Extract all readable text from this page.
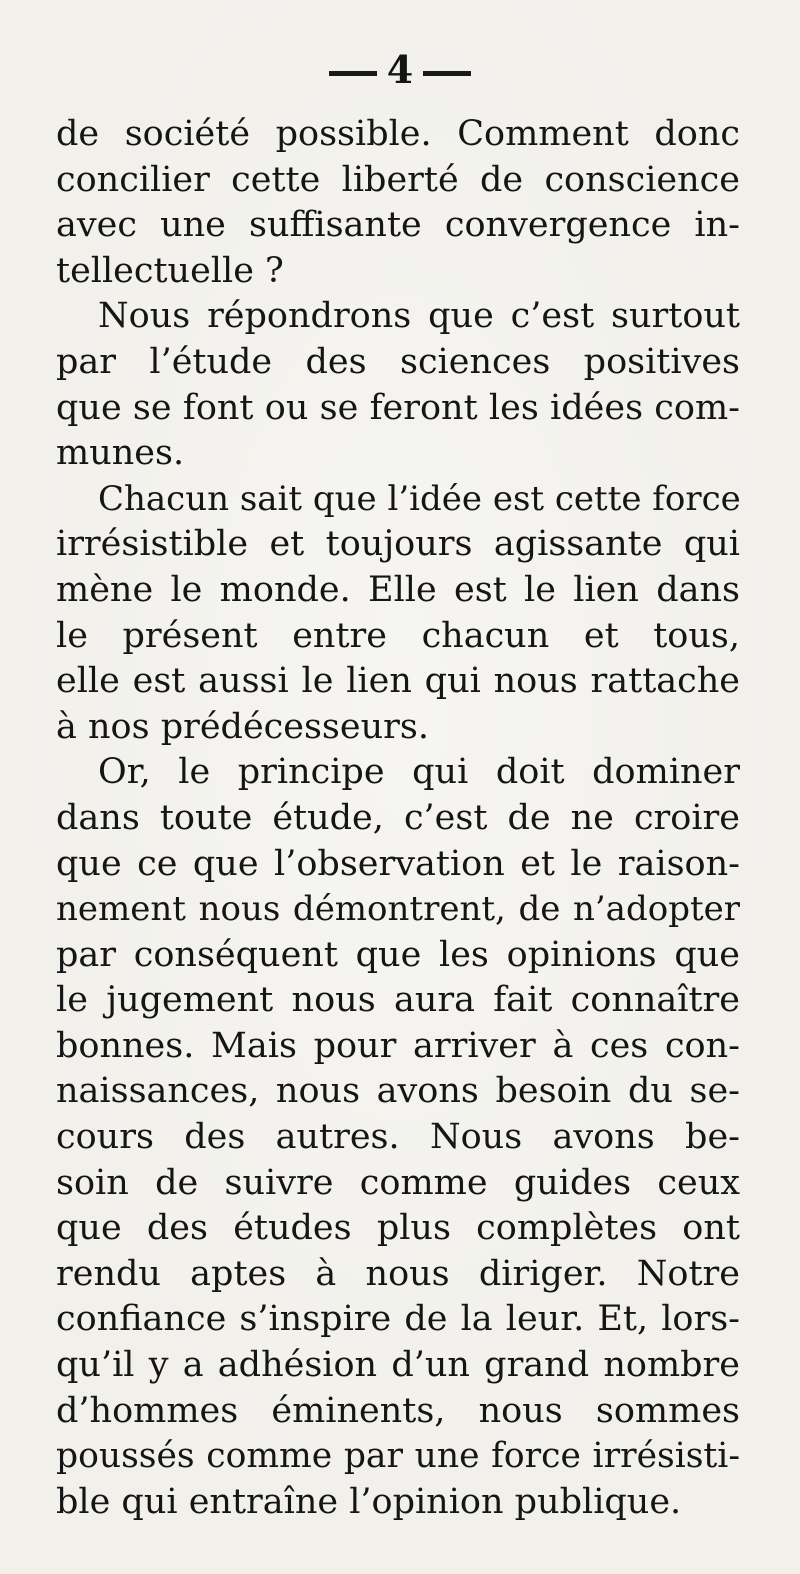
4
de société possible. Comment donc
concilier cette liberté de conscience
avec une suffisante convergence in-
tellectuelle ?
Nous répondrons que c’est surtout
par l’étude des sciences positives
que se font ou se feront les idées com-
munes.
Chacun sait que l’idée est cette force
irrésistible et toujours agissante qui
mène le monde. Elle est le lien dans
le présent entre chacun et tous,
elle est aussi le lien qui nous rattache
à nos prédécesseurs.
Or, le principe qui doit dominer
dans toute étude, c’est de ne croire
que ce que l’observation et le raison-
nement nous démontrent, de n’adopter
par conséquent que les opinions que
le jugement nous aura fait connaître
bonnes. Mais pour arriver à ces con-
naissances, nous avons besoin du se-
cours des autres. Nous avons be-
soin de suivre comme guides ceux
que des études plus complètes ont
rendu aptes à nous diriger. Notre
confiance s’inspire de la leur. Et, lors-
qu’il y a adhésion d’un grand nombre
d’hommes éminents, nous sommes
poussés comme par une force irrésisti-
ble qui entraîne l’opinion publique.
